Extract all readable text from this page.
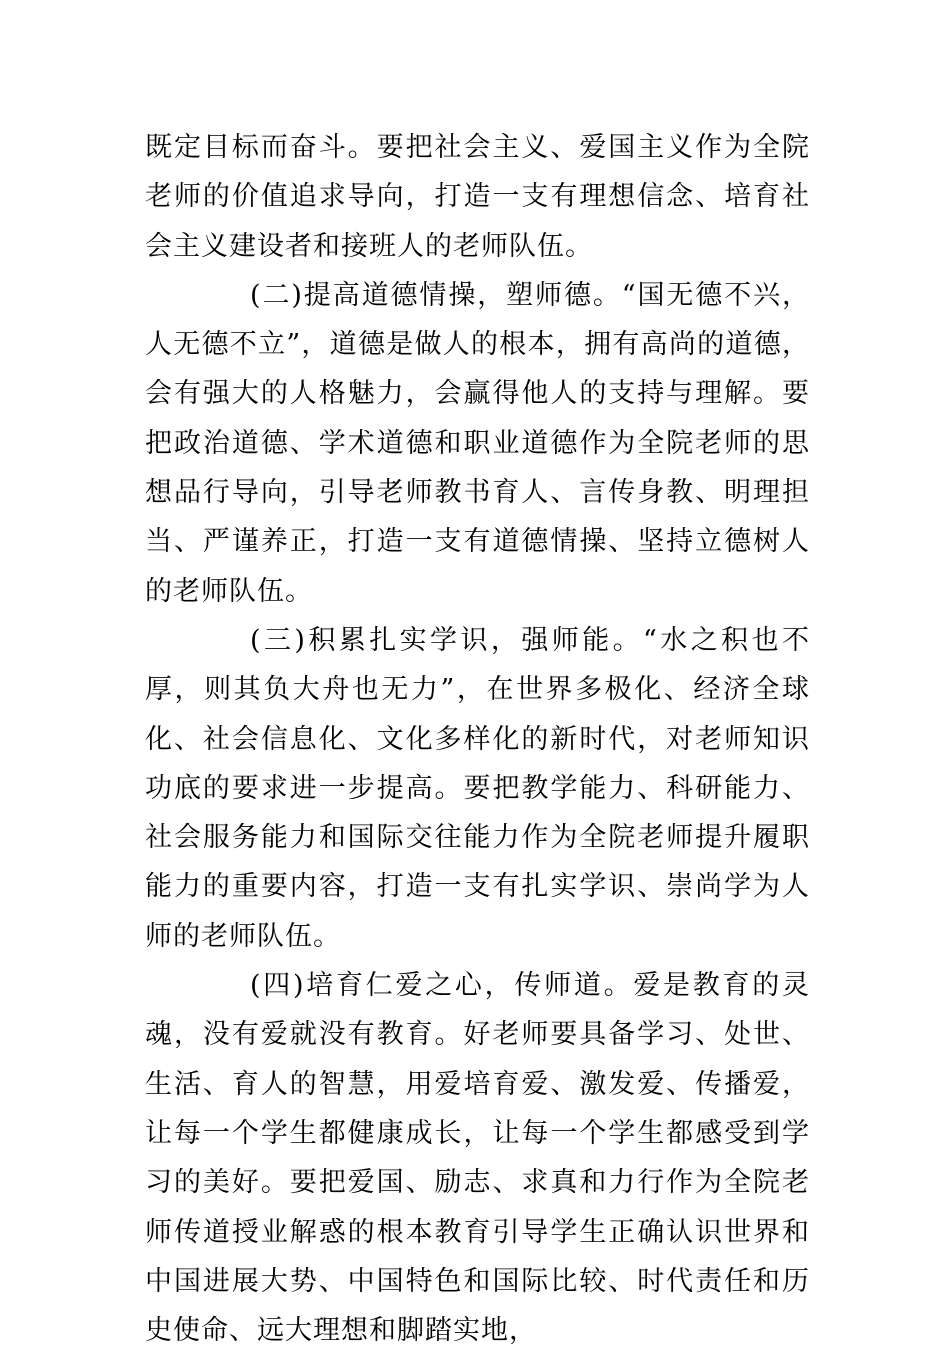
既定目标而奋斗。要把社会主义、爱国主义作为全院老师的价值追求导向，打造一支有理想信念、培育社会主义建设者和接班人的老师队伍。

(二)提高道德情操，塑师德。“国无德不兴，人无德不立”，道德是做人的根本，拥有高尚的道德，会有强大的人格魅力，会赢得他人的支持与理解。要把政治道德、学术道德和职业道德作为全院老师的思想品行导向，引导老师教书育人、言传身教、明理担当、严谨养正，打造一支有道德情操、坚持立德树人的老师队伍。

(三)积累扎实学识，强师能。“水之积也不厚，则其负大舟也无力”，在世界多极化、经济全球化、社会信息化、文化多样化的新时代，对老师知识功底的要求进一步提高。要把教学能力、科研能力、社会服务能力和国际交往能力作为全院老师提升履职能力的重要内容，打造一支有扎实学识、崇尚学为人师的老师队伍。

(四)培育仁爱之心，传师道。爱是教育的灵魂，没有爱就没有教育。好老师要具备学习、处世、生活、育人的智慧，用爱培育爱、激发爱、传播爱，让每一个学生都健康成长，让每一个学生都感受到学习的美好。要把爱国、励志、求真和力行作为全院老师传道授业解惑的根本教育引导学生正确认识世界和中国进展大势、中国特色和国际比较、时代责任和历史使命、远大理想和脚踏实地，
